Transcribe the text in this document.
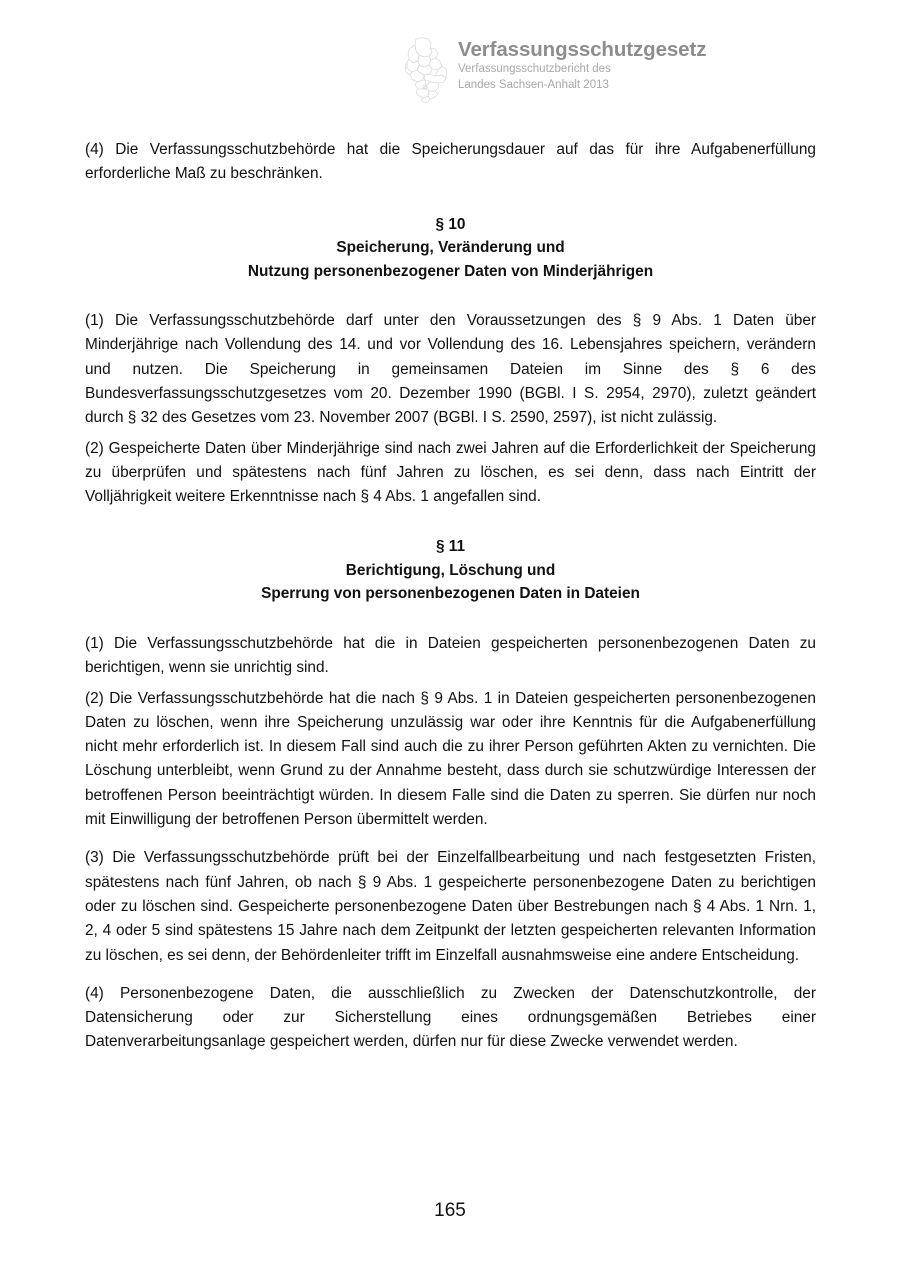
Verfassungsschutzgesetz
Verfassungsschutzbericht des
Landes Sachsen-Anhalt 2013

(4) Die Verfassungsschutzbehörde hat die Speicherungsdauer auf das für ihre Aufgabenerfüllung erforderliche Maß zu beschränken.

§ 10
Speicherung, Veränderung und
Nutzung personenbezogener Daten von Minderjährigen

(1) Die Verfassungsschutzbehörde darf unter den Voraussetzungen des § 9 Abs. 1 Daten über Minderjährige nach Vollendung des 14. und vor Vollendung des 16. Lebensjahres speichern, verändern und nutzen. Die Speicherung in gemeinsamen Dateien im Sinne des § 6 des Bundesverfassungsschutzgesetzes vom 20. Dezember 1990 (BGBl. I S. 2954, 2970), zuletzt geändert durch § 32 des Gesetzes vom 23. November 2007 (BGBl. I S. 2590, 2597), ist nicht zulässig.

(2) Gespeicherte Daten über Minderjährige sind nach zwei Jahren auf die Erforderlichkeit der Speicherung zu überprüfen und spätestens nach fünf Jahren zu löschen, es sei denn, dass nach Eintritt der Volljährigkeit weitere Erkenntnisse nach § 4 Abs. 1 angefallen sind.

§ 11
Berichtigung, Löschung und
Sperrung von personenbezogenen Daten in Dateien

(1) Die Verfassungsschutzbehörde hat die in Dateien gespeicherten personenbezogenen Daten zu berichtigen, wenn sie unrichtig sind.

(2) Die Verfassungsschutzbehörde hat die nach § 9 Abs. 1 in Dateien gespeicherten personenbezogenen Daten zu löschen, wenn ihre Speicherung unzulässig war oder ihre Kenntnis für die Aufgabenerfüllung nicht mehr erforderlich ist. In diesem Fall sind auch die zu ihrer Person geführten Akten zu vernichten. Die Löschung unterbleibt, wenn Grund zu der Annahme besteht, dass durch sie schutzwürdige Interessen der betroffenen Person beeinträchtigt würden. In diesem Falle sind die Daten zu sperren. Sie dürfen nur noch mit Einwilligung der betroffenen Person übermittelt werden.

(3) Die Verfassungsschutzbehörde prüft bei der Einzelfallbearbeitung und nach festgesetzten Fristen, spätestens nach fünf Jahren, ob nach § 9 Abs. 1 gespeicherte personenbezogene Daten zu berichtigen oder zu löschen sind. Gespeicherte personenbezogene Daten über Bestrebungen nach § 4 Abs. 1 Nrn. 1, 2, 4 oder 5 sind spätestens 15 Jahre nach dem Zeitpunkt der letzten gespeicherten relevanten Information zu löschen, es sei denn, der Behördenleiter trifft im Einzelfall ausnahmsweise eine andere Entscheidung.

(4) Personenbezogene Daten, die ausschließlich zu Zwecken der Datenschutzkontrolle, der Datensicherung oder zur Sicherstellung eines ordnungsgemäßen Betriebes einer Datenverarbeitungsanlage gespeichert werden, dürfen nur für diese Zwecke verwendet werden.

165
